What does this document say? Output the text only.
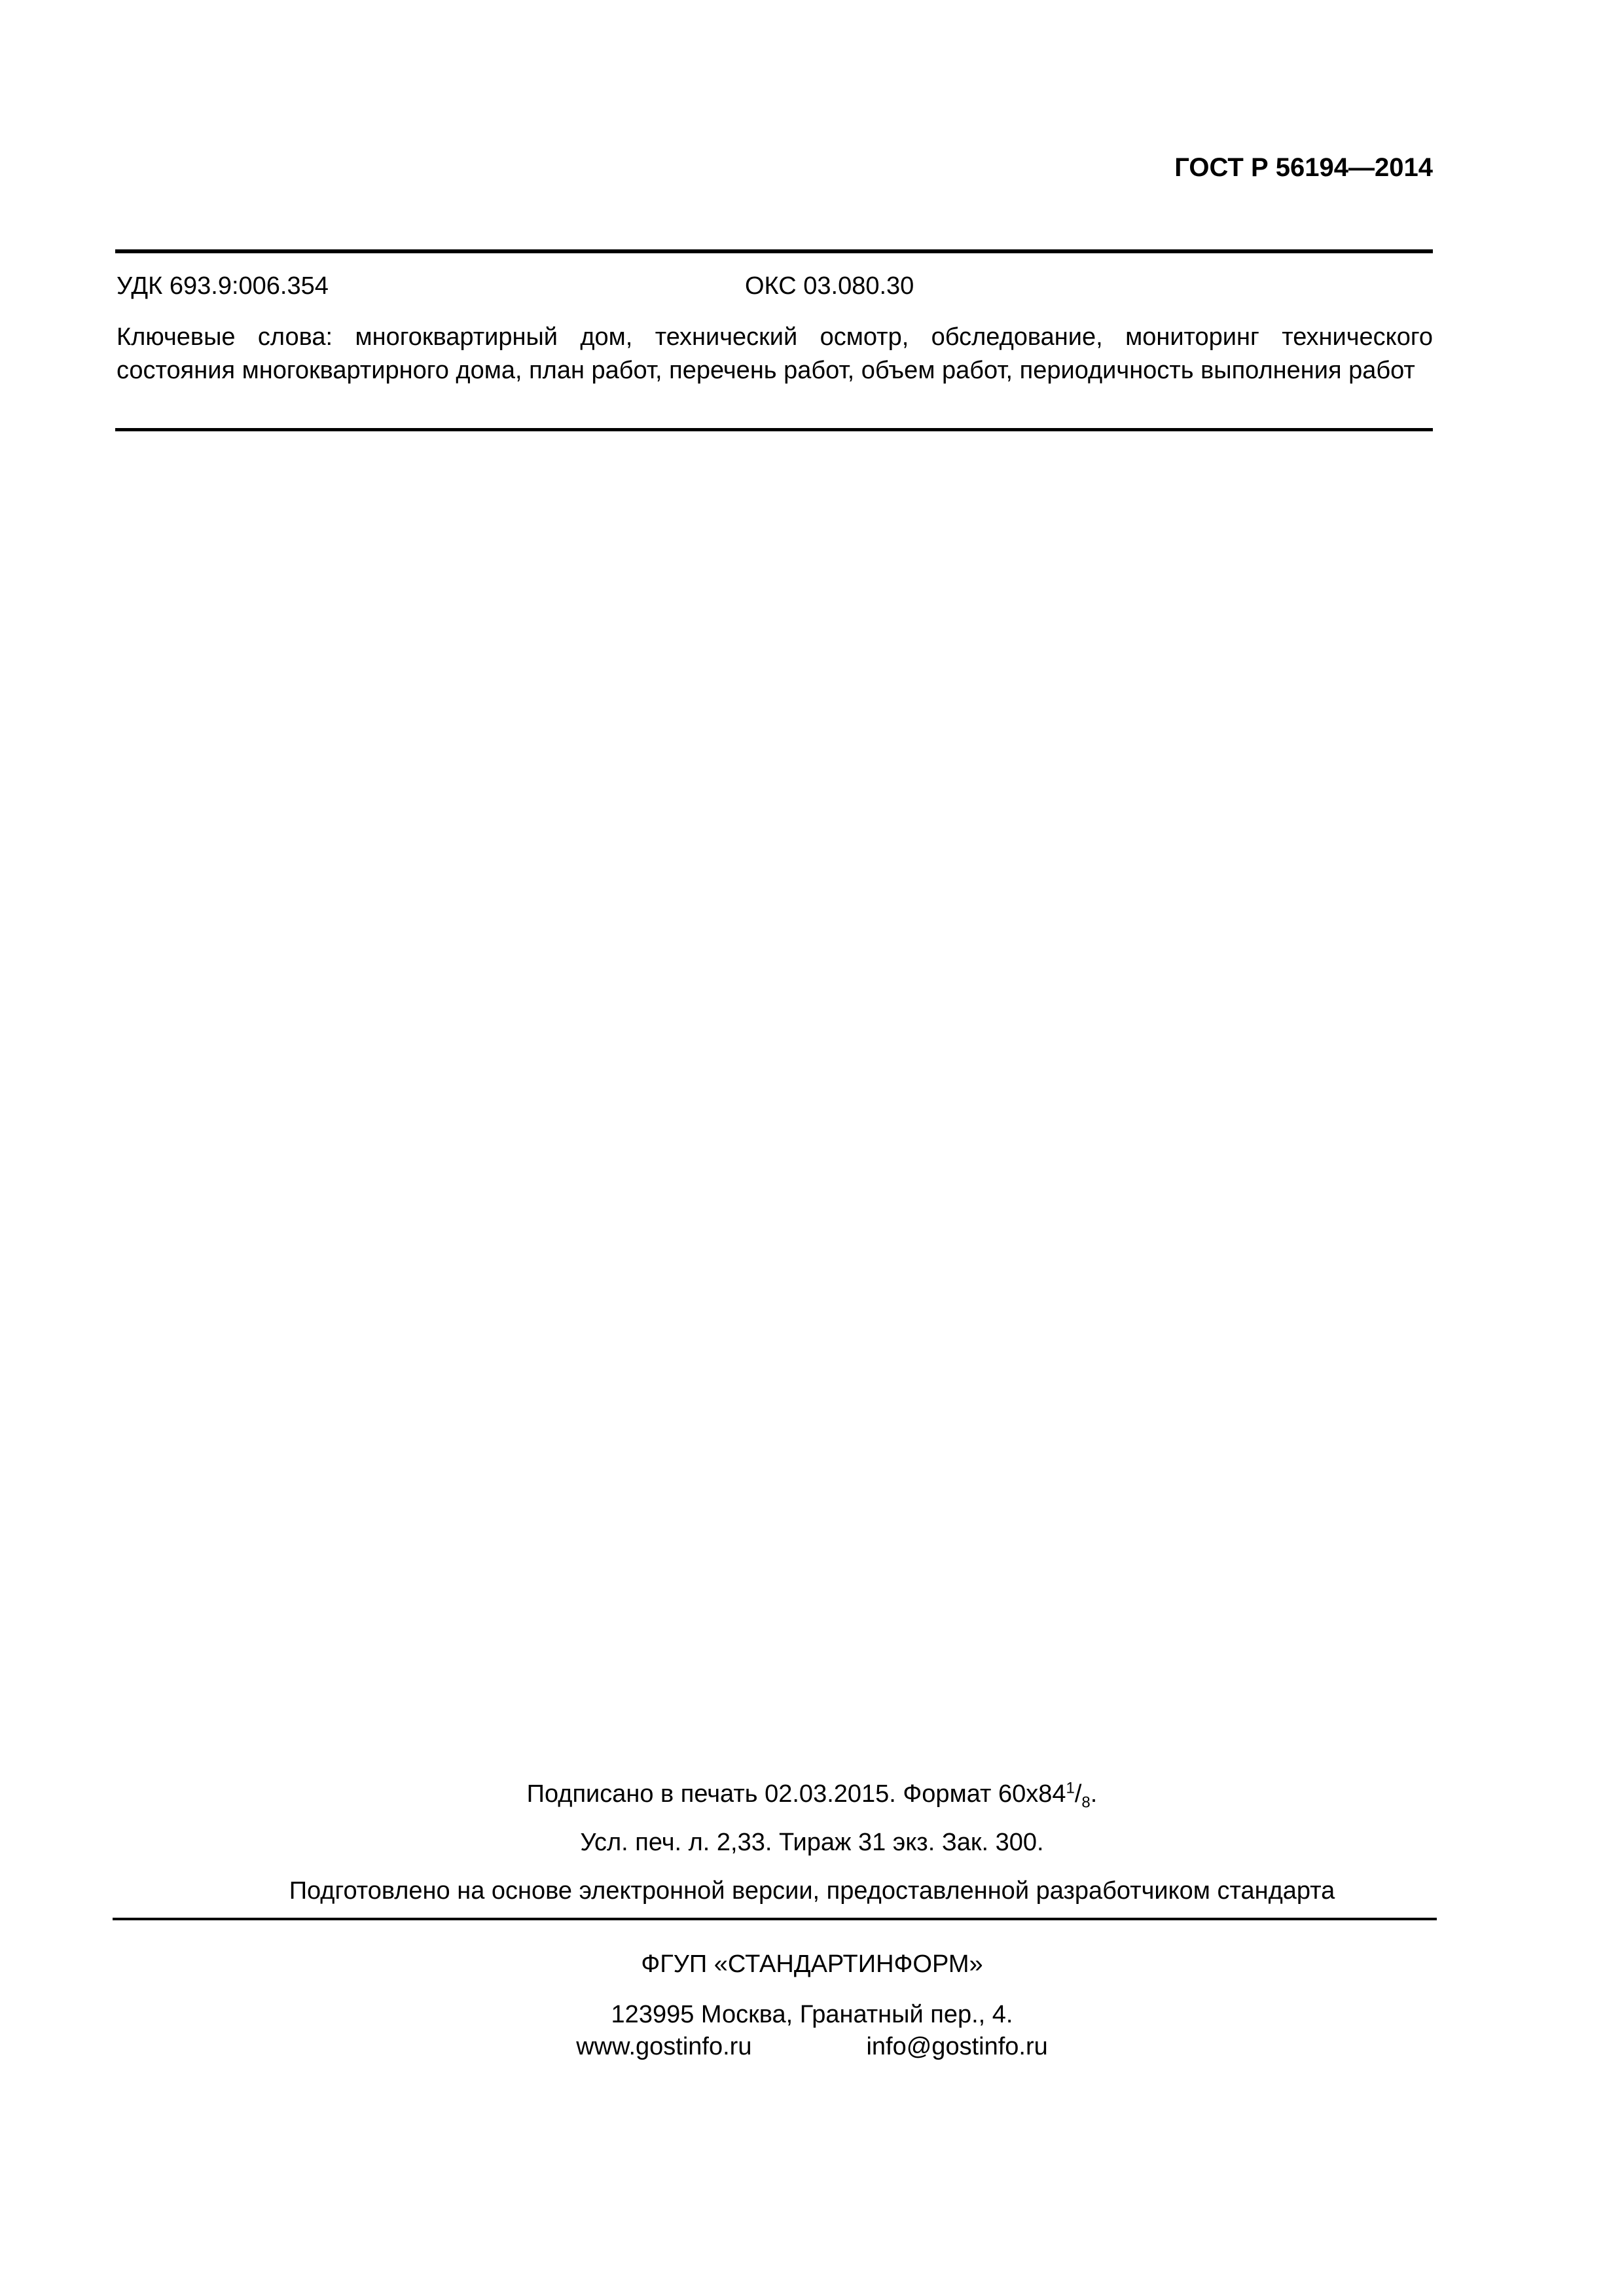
ГОСТ Р 56194—2014
УДК 693.9:006.354	ОКС 03.080.30
Ключевые слова: многоквартирный дом, технический осмотр, обследование, мониторинг технического состояния многоквартирного дома, план работ, перечень работ, объем работ, периодичность выполнения работ
Подписано в печать 02.03.2015. Формат $60х84^1/_8$.
Усл. печ. л. 2,33. Тираж 31 экз. Зак. 300.
Подготовлено на основе электронной версии, предоставленной разработчиком стандарта
ФГУП «СТАНДАРТИНФОРМ»
123995 Москва, Гранатный пер., 4.
www.gostinfo.ru	info@gostinfo.ru
